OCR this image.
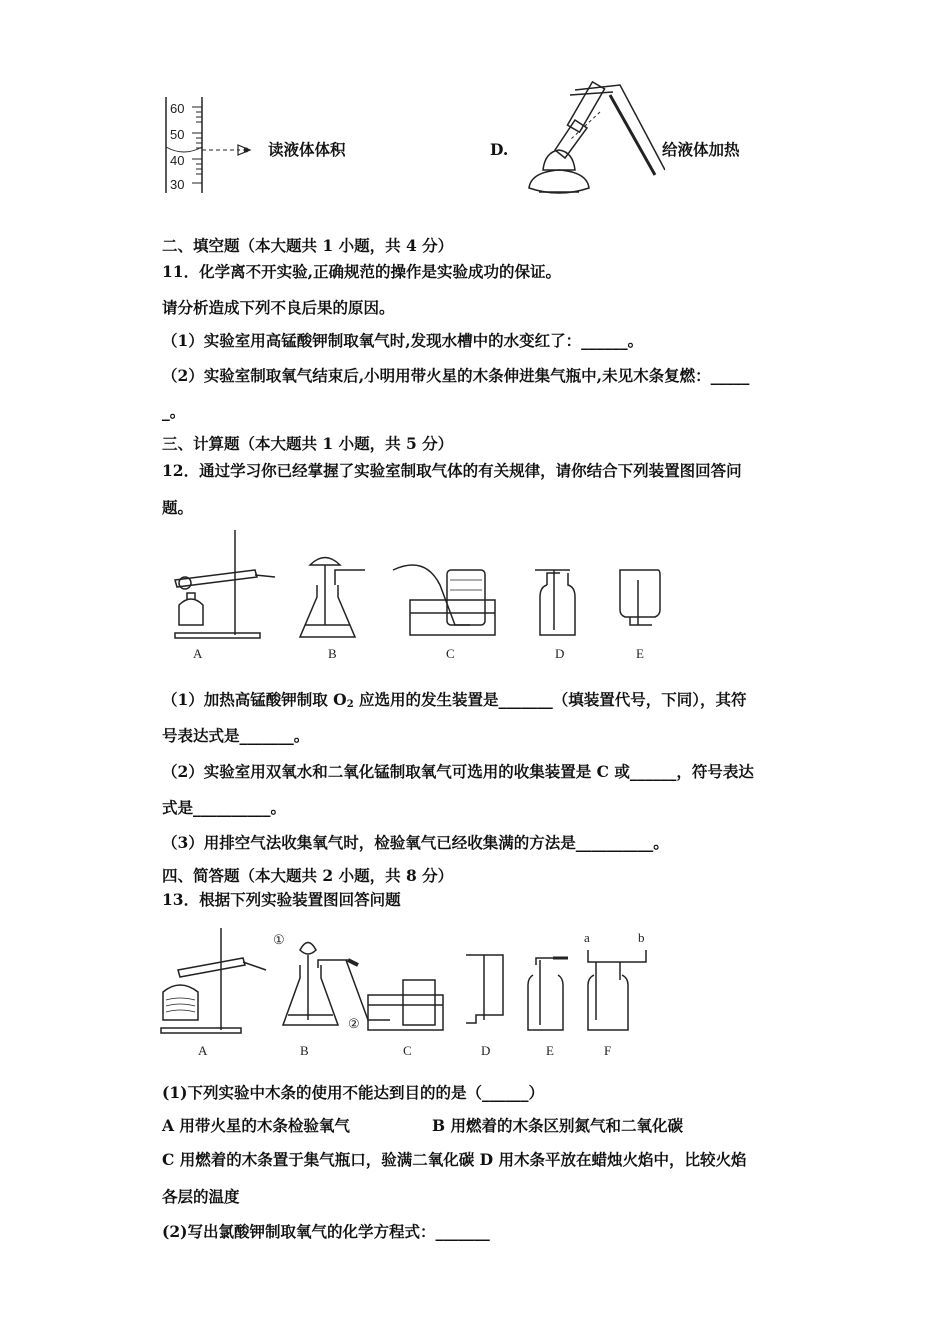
60
50
40
30
读液体体积	D.	给液体加热
二、填空题（本大题共 1 小题，共 4 分）
11．化学离不开实验,正确规范的操作是实验成功的保证。
请分析造成下列不良后果的原因。
（1）实验室用高锰酸钾制取氧气时,发现水槽中的水变红了：______。
（2）实验室制取氧气结束后,小明用带火星的木条伸进集气瓶中,未见木条复燃：_____
_。
三、计算题（本大题共 1 小题，共 5 分）
12．通过学习你已经掌握了实验室制取气体的有关规律，请你结合下列装置图回答问
题。
A	B	C	D	E
（1）加热高锰酸钾制取 $O_2$ 应选用的发生装置是_______（填装置代号，下同），其符
号表达式是_______。
（2）实验室用双氧水和二氧化锰制取氧气可选用的收集装置是 C 或______，符号表达
式是__________。
（3）用排空气法收集氧气时，检验氧气已经收集满的方法是__________。
四、简答题（本大题共 2 小题，共 8 分）
13．根据下列实验装置图回答问题
①
②
a	b
A	B	C	D	E	F
(1)下列实验中木条的使用不能达到目的的是（______）
A 用带火星的木条检验氧气	B 用燃着的木条区别氮气和二氧化碳
C 用燃着的木条置于集气瓶口，验满二氧化碳 D 用木条平放在蜡烛火焰中，比较火焰
各层的温度
(2)写出氯酸钾制取氧气的化学方程式：_______
